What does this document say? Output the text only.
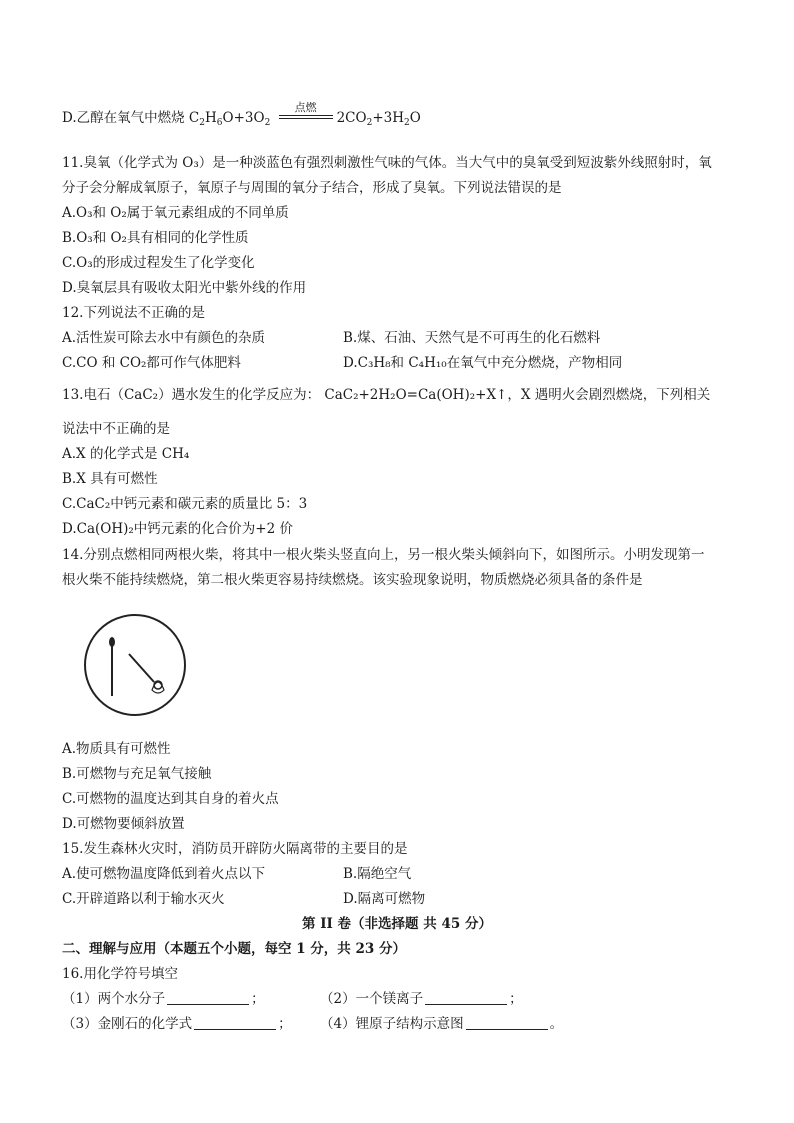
D.乙醇在氧气中燃烧 $C_2H_6O+3O_2$
点燃
$2CO_2+3H_2O$
11.臭氧（化学式为 O₃）是一种淡蓝色有强烈刺激性气味的气体。当大气中的臭氧受到短波紫外线照射时，氧
分子会分解成氧原子，氧原子与周围的氧分子结合，形成了臭氧。下列说法错误的是
A.O₃和 O₂属于氧元素组成的不同单质
B.O₃和 O₂具有相同的化学性质
C.O₃的形成过程发生了化学变化
D.臭氧层具有吸收太阳光中紫外线的作用
12.下列说法不正确的是
A.活性炭可除去水中有颜色的杂质	B.煤、石油、天然气是不可再生的化石燃料
C.CO 和 CO₂都可作气体肥料	D.C₃H₈和 C₄H₁₀在氧气中充分燃烧，产物相同
13.电石（CaC₂）遇水发生的化学反应为： CaC₂+2H₂O=Ca(OH)₂+X↑，X 遇明火会剧烈燃烧，下列相关
说法中不正确的是
A.X 的化学式是 CH₄
B.X 具有可燃性
C.CaC₂中钙元素和碳元素的质量比 5：3
D.Ca(OH)₂中钙元素的化合价为+2 价
14.分别点燃相同两根火柴，将其中一根火柴头竖直向上，另一根火柴头倾斜向下，如图所示。小明发现第一
根火柴不能持续燃烧，第二根火柴更容易持续燃烧。该实验现象说明，物质燃烧必须具备的条件是
A.物质具有可燃性
B.可燃物与充足氧气接触
C.可燃物的温度达到其自身的着火点
D.可燃物要倾斜放置
15.发生森林火灾时，消防员开辟防火隔离带的主要目的是
A.使可燃物温度降低到着火点以下	B.隔绝空气
C.开辟道路以利于输水灭火	D.隔离可燃物
第 II 卷（非选择题 共 45 分）
二、理解与应用（本题五个小题，每空 1 分，共 23 分）
16.用化学符号填空
（1）两个水分子	；	（2）一个镁离子	；
（3）金刚石的化学式	； （4）锂原子结构示意图	。
